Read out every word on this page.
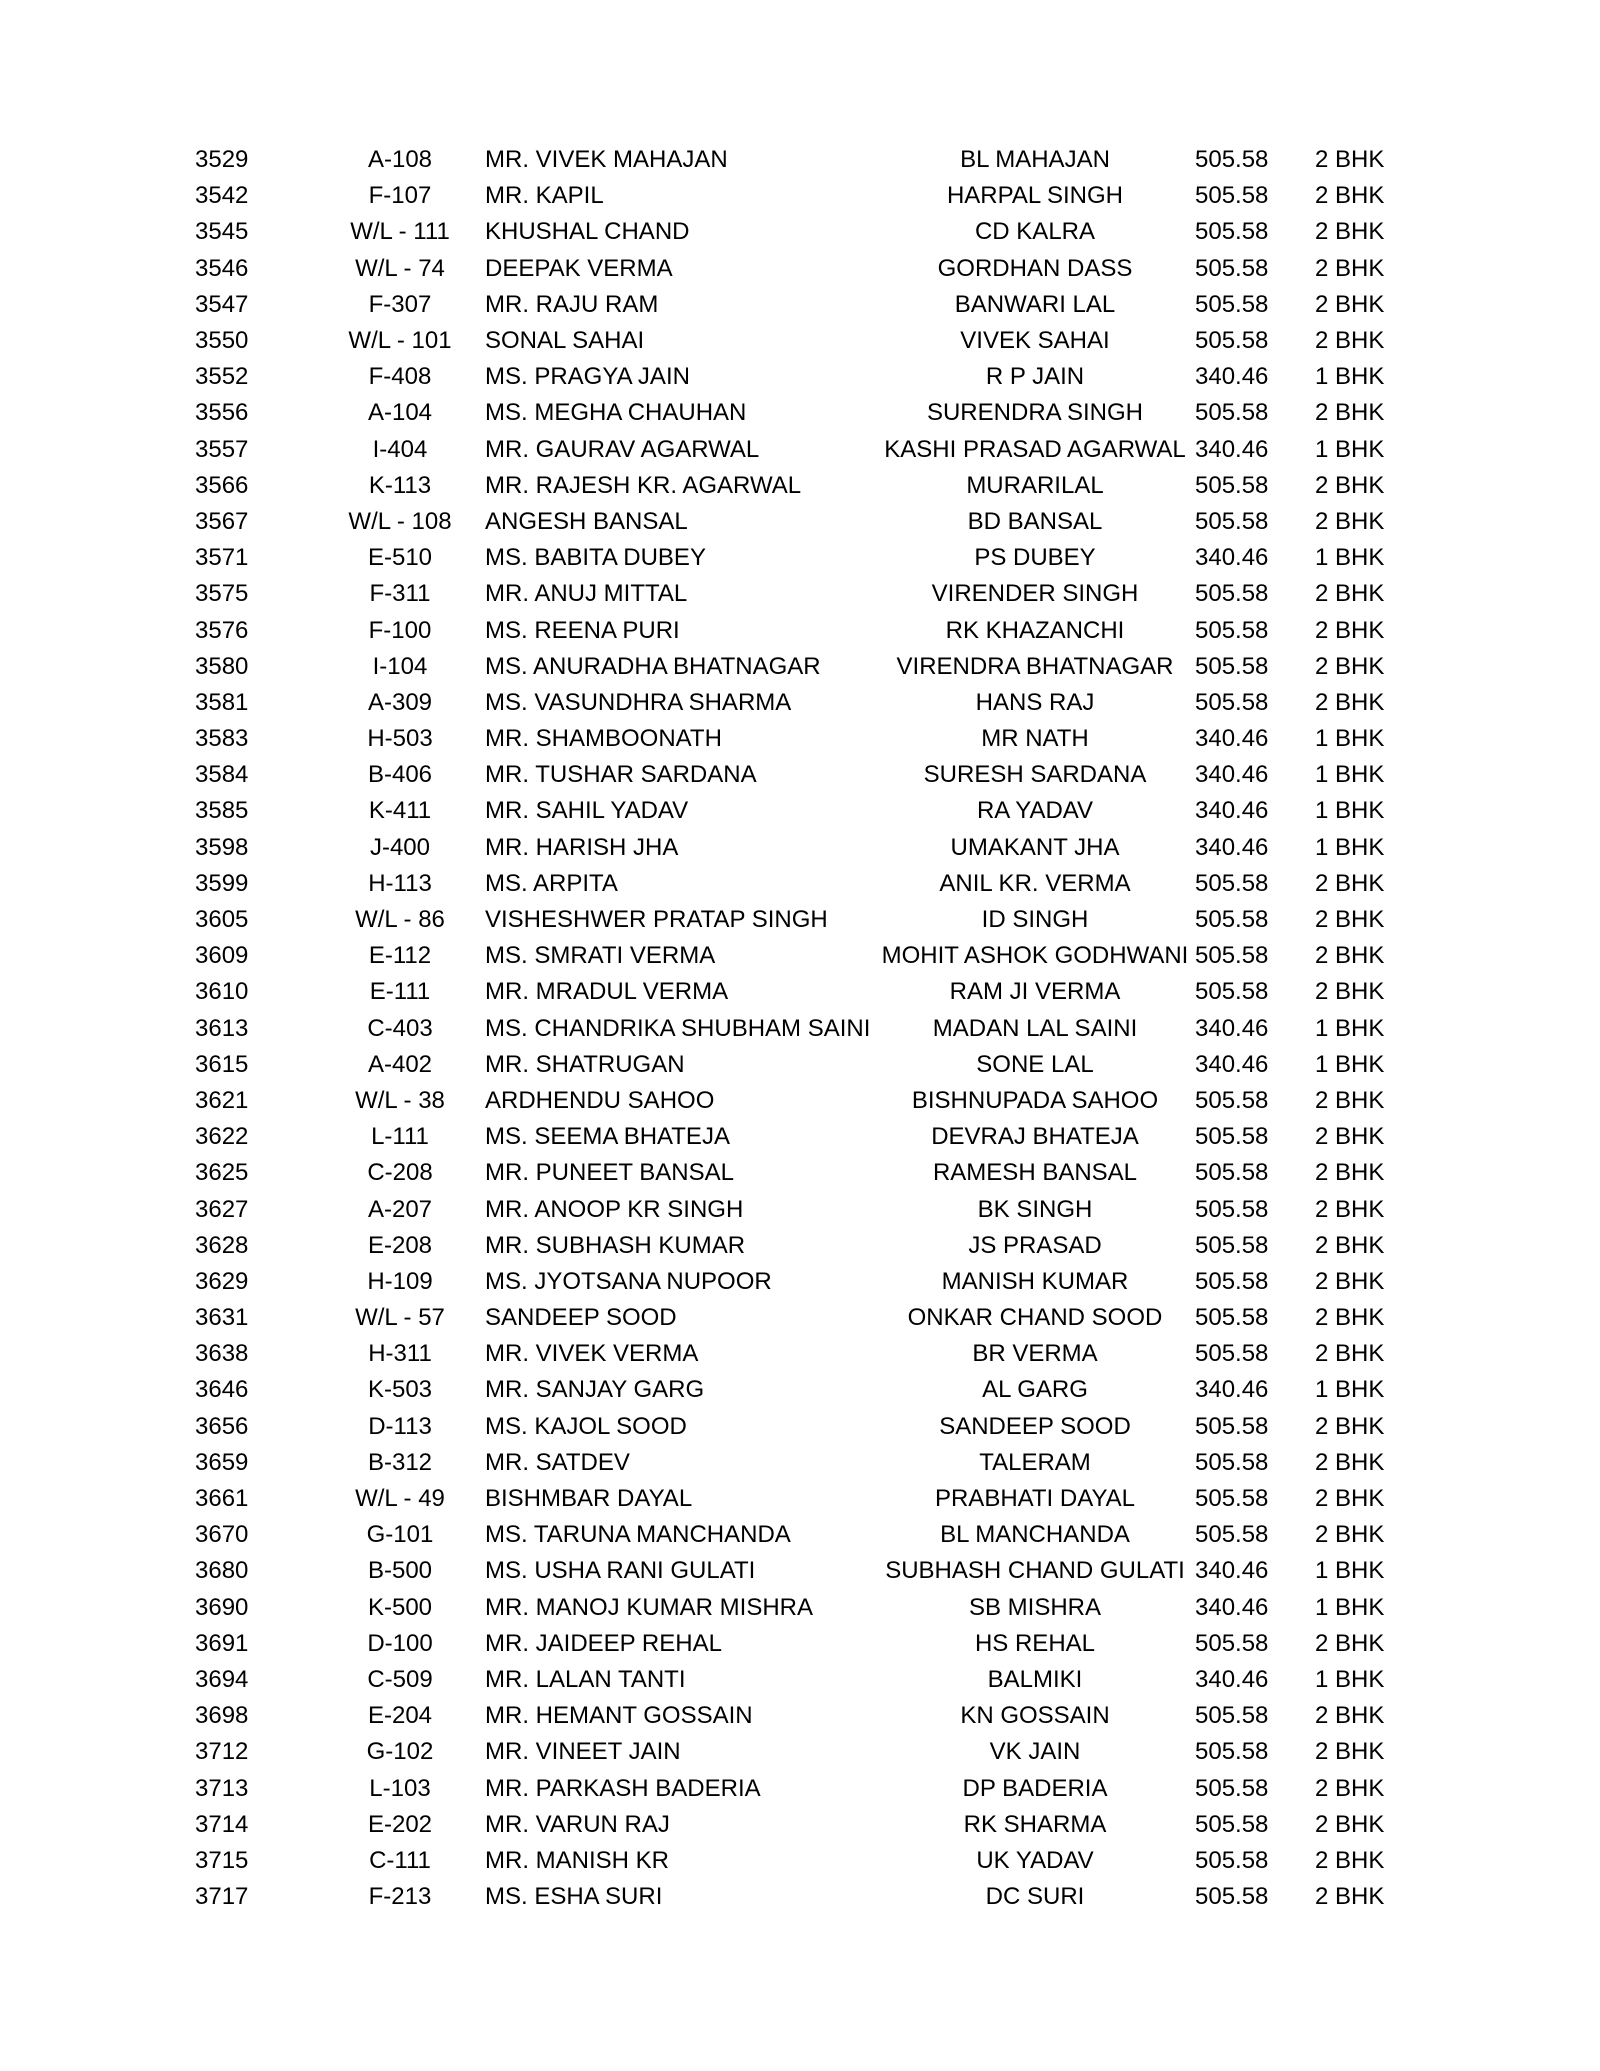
3529	A-108	MR. VIVEK MAHAJAN	BL MAHAJAN	505.58	2 BHK
3542	F-107	MR. KAPIL	HARPAL SINGH	505.58	2 BHK
3545	W/L - 111	KHUSHAL CHAND	CD KALRA	505.58	2 BHK
3546	W/L - 74	DEEPAK VERMA	GORDHAN DASS	505.58	2 BHK
3547	F-307	MR. RAJU RAM	BANWARI LAL	505.58	2 BHK
3550	W/L - 101	SONAL SAHAI	VIVEK SAHAI	505.58	2 BHK
3552	F-408	MS. PRAGYA JAIN	R P JAIN	340.46	1 BHK
3556	A-104	MS. MEGHA CHAUHAN	SURENDRA SINGH	505.58	2 BHK
3557	I-404	MR. GAURAV AGARWAL	KASHI PRASAD AGARWAL	340.46	1 BHK
3566	K-113	MR. RAJESH KR. AGARWAL	MURARILAL	505.58	2 BHK
3567	W/L - 108	ANGESH BANSAL	BD BANSAL	505.58	2 BHK
3571	E-510	MS. BABITA DUBEY	PS DUBEY	340.46	1 BHK
3575	F-311	MR. ANUJ MITTAL	VIRENDER SINGH	505.58	2 BHK
3576	F-100	MS. REENA PURI	RK KHAZANCHI	505.58	2 BHK
3580	I-104	MS. ANURADHA BHATNAGAR	VIRENDRA BHATNAGAR	505.58	2 BHK
3581	A-309	MS. VASUNDHRA SHARMA	HANS RAJ	505.58	2 BHK
3583	H-503	MR. SHAMBOONATH	MR NATH	340.46	1 BHK
3584	B-406	MR. TUSHAR SARDANA	SURESH SARDANA	340.46	1 BHK
3585	K-411	MR. SAHIL YADAV	RA YADAV	340.46	1 BHK
3598	J-400	MR. HARISH JHA	UMAKANT JHA	340.46	1 BHK
3599	H-113	MS. ARPITA	ANIL KR. VERMA	505.58	2 BHK
3605	W/L - 86	VISHESHWER PRATAP SINGH	ID SINGH	505.58	2 BHK
3609	E-112	MS. SMRATI VERMA	MOHIT ASHOK GODHWANI	505.58	2 BHK
3610	E-111	MR. MRADUL VERMA	RAM JI VERMA	505.58	2 BHK
3613	C-403	MS. CHANDRIKA SHUBHAM SAINI	MADAN LAL SAINI	340.46	1 BHK
3615	A-402	MR. SHATRUGAN	SONE LAL	340.46	1 BHK
3621	W/L - 38	ARDHENDU SAHOO	BISHNUPADA SAHOO	505.58	2 BHK
3622	L-111	MS. SEEMA BHATEJA	DEVRAJ BHATEJA	505.58	2 BHK
3625	C-208	MR. PUNEET BANSAL	RAMESH BANSAL	505.58	2 BHK
3627	A-207	MR. ANOOP KR SINGH	BK SINGH	505.58	2 BHK
3628	E-208	MR. SUBHASH KUMAR	JS PRASAD	505.58	2 BHK
3629	H-109	MS. JYOTSANA NUPOOR	MANISH KUMAR	505.58	2 BHK
3631	W/L - 57	SANDEEP SOOD	ONKAR CHAND SOOD	505.58	2 BHK
3638	H-311	MR. VIVEK VERMA	BR VERMA	505.58	2 BHK
3646	K-503	MR. SANJAY GARG	AL GARG	340.46	1 BHK
3656	D-113	MS. KAJOL SOOD	SANDEEP SOOD	505.58	2 BHK
3659	B-312	MR. SATDEV	TALERAM	505.58	2 BHK
3661	W/L - 49	BISHMBAR DAYAL	PRABHATI DAYAL	505.58	2 BHK
3670	G-101	MS. TARUNA MANCHANDA	BL MANCHANDA	505.58	2 BHK
3680	B-500	MS. USHA RANI GULATI	SUBHASH CHAND GULATI	340.46	1 BHK
3690	K-500	MR. MANOJ KUMAR MISHRA	SB MISHRA	340.46	1 BHK
3691	D-100	MR. JAIDEEP REHAL	HS REHAL	505.58	2 BHK
3694	C-509	MR. LALAN TANTI	BALMIKI	340.46	1 BHK
3698	E-204	MR. HEMANT GOSSAIN	KN GOSSAIN	505.58	2 BHK
3712	G-102	MR. VINEET JAIN	VK JAIN	505.58	2 BHK
3713	L-103	MR. PARKASH BADERIA	DP BADERIA	505.58	2 BHK
3714	E-202	MR. VARUN RAJ	RK SHARMA	505.58	2 BHK
3715	C-111	MR. MANISH KR	UK YADAV	505.58	2 BHK
3717	F-213	MS. ESHA SURI	DC SURI	505.58	2 BHK
